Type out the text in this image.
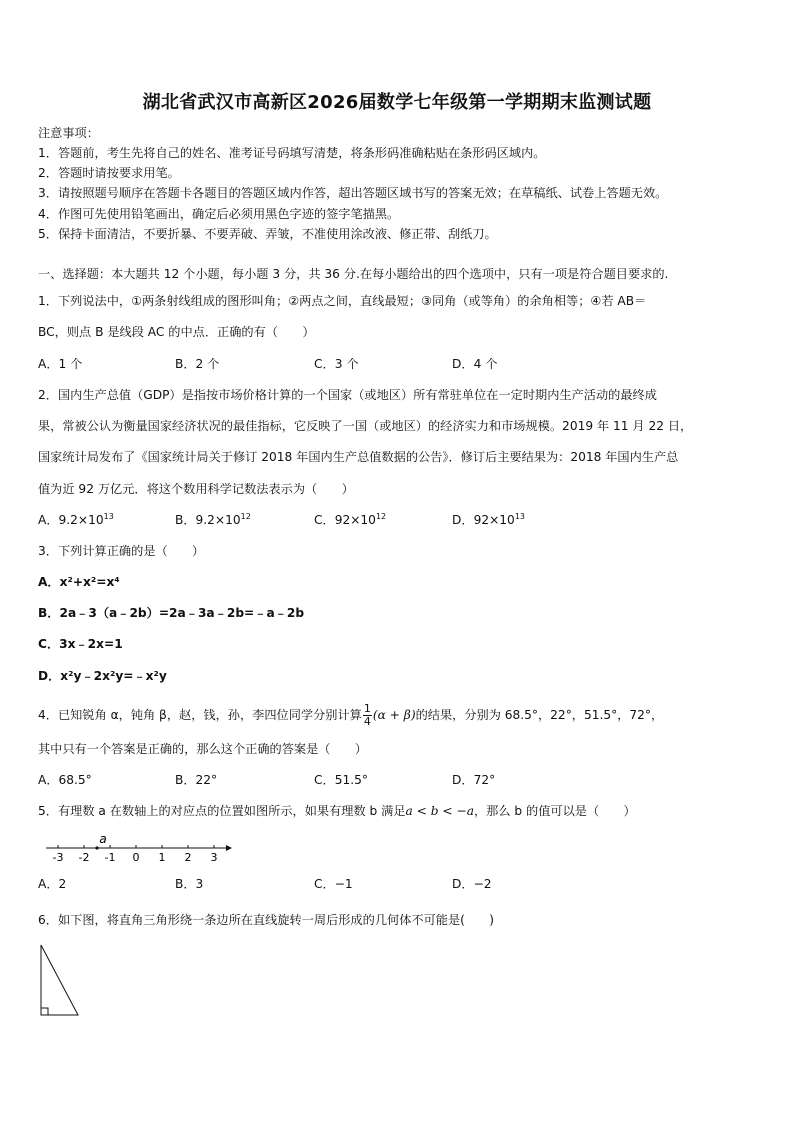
湖北省武汉市高新区2026届数学七年级第一学期期末监测试题
注意事项：
1．答题前，考生先将自己的姓名、准考证号码填写清楚，将条形码准确粘贴在条形码区域内。
2．答题时请按要求用笔。
3．请按照题号顺序在答题卡各题目的答题区域内作答，超出答题区域书写的答案无效；在草稿纸、试卷上答题无效。
4．作图可先使用铅笔画出，确定后必须用黑色字迹的签字笔描黑。
5．保持卡面清洁，不要折暴、不要弄破、弄皱，不准使用涂改液、修正带、刮纸刀。
一、选择题：本大题共 12 个小题，每小题 3 分，共 36 分.在每小题给出的四个选项中，只有一项是符合题目要求的.
1．下列说法中，①两条射线组成的图形叫角；②两点之间，直线最短；③同角（或等角）的余角相等；④若 AB＝
BC，则点 B 是线段 AC 的中点．正确的有（　　）
A．1 个	B．2 个	C．3 个	D．4 个
2．国内生产总值（GDP）是指按市场价格计算的一个国家（或地区）所有常驻单位在一定时期内生产活动的最终成
果，常被公认为衡量国家经济状况的最佳指标，它反映了一国（或地区）的经济实力和市场规模。2019 年 11 月 22 日，
国家统计局发布了《国家统计局关于修订 2018 年国内生产总值数据的公告》．修订后主要结果为：2018 年国内生产总
值为近 92 万亿元．将这个数用科学记数法表示为（　　）
A．$9.2\times 10^{13}$	B．$9.2\times 10^{12}$	C．$92\times 10^{12}$	D．$92\times 10^{13}$
3．下列计算正确的是（　　）
A．x²+x²=x⁴
B．2a﹣3（a﹣2b）=2a﹣3a﹣2b=﹣a﹣2b
C．3x﹣2x=1
D．x²y﹣2x²y=﹣x²y
4．已知锐角 α，钝角 β，赵，钱，孙，李四位同学分别计算 $\frac{1}{4} (\alpha + \beta)$的结果，分别为 68.5°，22°，51.5°，72°，
其中只有一个答案是正确的，那么这个正确的答案是（　　）
A．68.5°	B．22°	C．51.5°	D．72°
5．有理数 a 在数轴上的对应点的位置如图所示，如果有理数 b 满足a < b < −a，那么 b 的值可以是（　　）
-3 -2 -1 0 1 2 3
a
A．2	B．3	C．−1	D．−2
6．如下图，将直角三角形绕一条边所在直线旋转一周后形成的几何体不可能是(　　)
